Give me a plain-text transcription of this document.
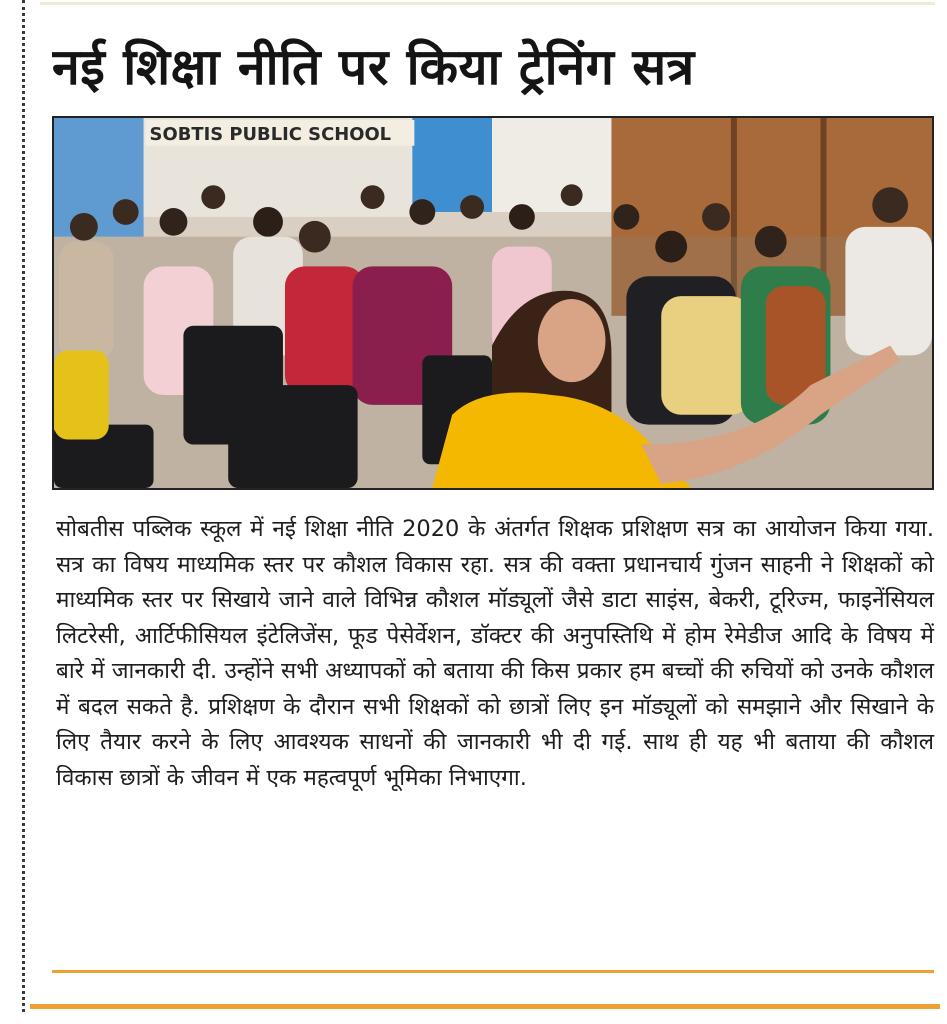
नई शिक्षा नीति पर किया ट्रेनिंग सत्र
SOBTIS PUBLIC SCHOOL

सोबतीस पब्लिक स्कूल में नई शिक्षा नीति 2020 के अंतर्गत शिक्षक प्रशिक्षण सत्र का आयोजन किया गया. सत्र का विषय माध्यमिक स्तर पर कौशल विकास रहा. सत्र की वक्ता प्रधानचार्य गुंजन साहनी ने शिक्षकों को माध्यमिक स्तर पर सिखाये जाने वाले विभिन्न कौशल मॉड्यूलों जैसे डाटा साइंस, बेकरी, टूरिज्म, फाइनेंसियल लिटरेसी, आर्टिफीसियल इंटेलिजेंस, फूड पेसेर्वेशन, डॉक्टर की अनुपस्तिथि में होम रेमेडीज आदि के विषय में बारे में जानकारी दी. उन्होंने सभी अध्यापकों को बताया की किस प्रकार हम बच्चों की रुचियों को उनके कौशल में बदल सकते है. प्रशिक्षण के दौरान सभी शिक्षकों को छात्रों लिए इन मॉड्यूलों को समझाने और सिखाने के लिए तैयार करने के लिए आवश्यक साधनों की जानकारी भी दी गई. साथ ही यह भी बताया की कौशल विकास छात्रों के जीवन में एक महत्वपूर्ण भूमिका निभाएगा.
